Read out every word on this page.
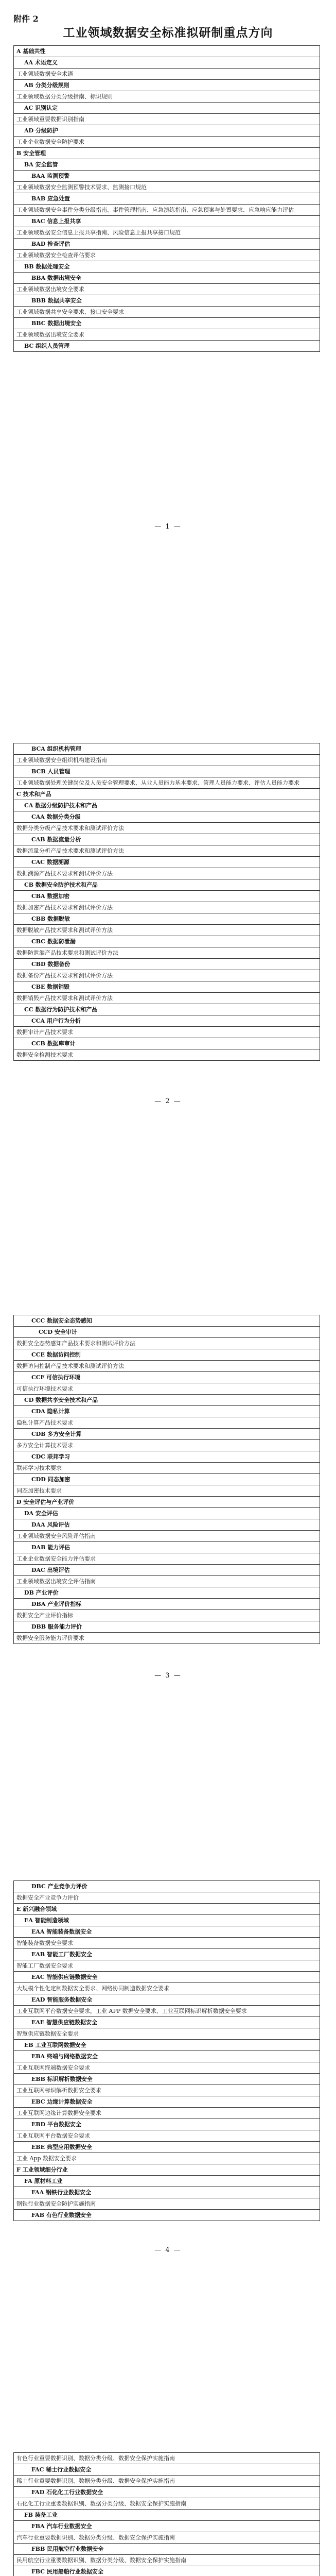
附件 2
工业领域数据安全标准拟研制重点方向
A 基础共性
AA 术语定义
工业领域数据安全术语
AB 分类分级规则
工业领域数据分类分级指南、标识规则
AC 识别认定
工业领域重要数据识别指南
AD 分级防护
工业企业数据安全防护要求
B 安全管理
BA 安全监管
BAA 监测预警
工业领域数据安全监测预警技术要求、监测接口规范
BAB 应急处置
工业领域数据安全事件分类分级指南、事件管理指南、应急演练指南、应急预案与处置要求、应急响应能力评估
BAC 信息上报共享
工业领域数据安全信息上报共享指南、风险信息上报共享接口规范
BAD 检查评估
工业领域数据安全检查评估要求
BB 数据处理安全
BBA 数据出境安全
工业领域数据出境安全要求
BBB 数据共享安全
工业领域数据共享安全要求、接口安全要求
BBC 数据出境安全
工业领域数据出境安全要求
BC 组织人员管理
— 1 —
BCA 组织机构管理
工业领域数据安全组织机构建设指南
BCB 人员管理
工业领域数据处理关键岗位及人员安全管理要求、从业人员能力基本要求、管理人员能力要求、评估人员能力要求
C 技术和产品
CA 数据分级防护技术和产品
CAA 数据分类分级
数据分类分级产品技术要求和测试评价方法
CAB 数据流量分析
数据流量分析产品技术要求和测试评价方法
CAC 数据溯源
数据溯源产品技术要求和测试评价方法
CB 数据安全防护技术和产品
CBA 数据加密
数据加密产品技术要求和测试评价方法
CBB 数据脱敏
数据脱敏产品技术要求和测试评价方法
CBC 数据防泄漏
数据防泄漏产品技术要求和测试评价方法
CBD 数据备份
数据备份产品技术要求和测试评价方法
CBE 数据销毁
数据销毁产品技术要求和测试评价方法
CC 数据行为防护技术和产品
CCA 用户行为分析
数据审计产品技术要求
CCB 数据库审计
数据安全检测技术要求
— 2 —
CCC 数据安全态势感知
CCD 安全审计
数据安全态势感知产品技术要求和测试评价方法
CCE 数据访问控制
数据访问控制产品技术要求和测试评价方法
CCF 可信执行环境
可信执行环境技术要求
CD 数据共享安全技术和产品
CDA 隐私计算
隐私计算产品技术要求
CDB 多方安全计算
多方安全计算技术要求
CDC 联邦学习
联邦学习技术要求
CDD 同态加密
同态加密技术要求
D 安全评估与产业评价
DA 安全评估
DAA 风险评估
工业领域数据安全风险评估指南
DAB 能力评估
工业企业数据安全能力评估要求
DAC 出境评估
工业领域数据出境安全评估指南
DB 产业评价
DBA 产业评价指标
数据安全产业评价指标
DBB 服务能力评价
数据安全服务能力评价要求
— 3 —
DBC 产业竞争力评价
数据安全产业竞争力评价
E 新兴融合领域
EA 智能制造领域
EAA 智能装备数据安全
智能装备数据安全要求
EAB 智能工厂数据安全
智能工厂数据安全要求
EAC 智能供应链数据安全
大规模个性化定制数据安全要求、网络协同制造数据安全要求
EAD 智能服务数据安全
工业互联网平台数据安全要求，工业 APP 数据安全要求、工业互联网标识解析数据安全要求
EAE 智慧供应链数据安全
智慧供应链数据安全要求
EB 工业互联网数据安全
EBA 终端与网络数据安全
工业互联网终端数据安全要求
EBB 标识解析数据安全
工业互联网标识解析数据安全要求
EBC 边缘计算数据安全
工业互联网边缘计算数据安全要求
EBD 平台数据安全
工业互联网平台数据安全要求
EBE 典型应用数据安全
工业 App 数据安全要求
F 工业领域细分行业
FA 原材料工业
FAA 钢铁行业数据安全
钢铁行业数据安全防护实施指南
FAB 有色行业数据安全
— 4 —
有色行业重要数据识别、数据分类分级、数据安全保护实施指南
FAC 稀土行业数据安全
稀土行业重要数据识别、数据分类分级、数据安全保护实施指南
FAD 石化化工行业数据安全
石化化工行业重要数据识别、数据分类分级、数据安全保护实施指南
FB 装备工业
FBA 汽车行业数据安全
汽车行业重要数据识别、数据分类分级、数据安全保护实施指南
FBB 民用航空行业数据安全
民用航空行业重要数据识别、数据分类分级、数据安全保护实施指南
FBC 民用船舶行业数据安全
